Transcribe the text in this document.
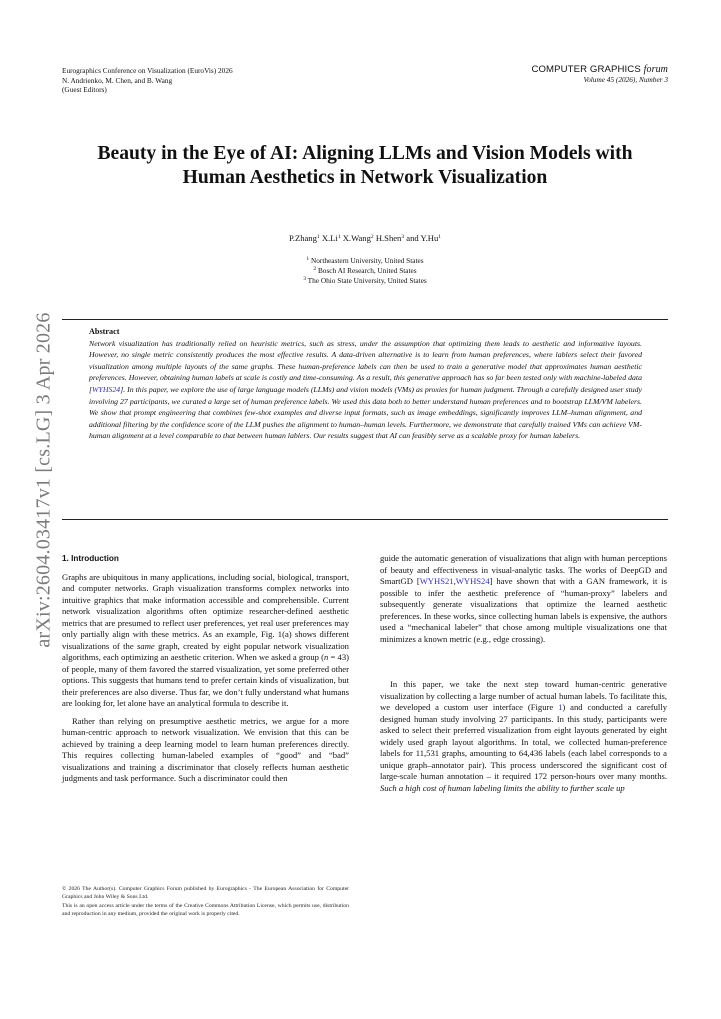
Eurographics Conference on Visualization (EuroVis) 2026
N. Andrienko, M. Chen, and B. Wang
(Guest Editors)
COMPUTER GRAPHICS forum
Volume 45 (2026), Number 3
Beauty in the Eye of AI: Aligning LLMs and Vision Models with
Human Aesthetics in Network Visualization
P.Zhang$^1$ X.Li$^1$ X.Wang$^2$ H.Shen$^3$ and Y.Hu$^1$
$^1$ Northeastern University, United States
$^2$ Bosch AI Research, United States
$^3$ The Ohio State University, United States
arXiv:2604.03417v1 [cs.LG] 3 Apr 2026	Abstract
Network visualization has traditionally relied on heuristic metrics, such as stress, under the assumption that optimizing them leads to aesthetic and informative layouts. However, no single metric consistently produces the most effective results. A data-driven alternative is to learn from human preferences, where lablers select their favored visualization among multiple layouts of the same graphs. These human-preference labels can then be used to train a generative model that approximates human aesthetic preferences. However, obtaining human labels at scale is costly and time-consuming. As a result, this generative approach has so far been tested only with machine-labeled data [WYHS24]. In this paper, we explore the use of large language models (LLMs) and vision models (VMs) as proxies for human judgment. Through a carefully designed user study involving 27 participants, we curated a large set of human preference labels. We used this data both to better understand human preferences and to bootstrap LLM/VM labelers. We show that prompt engineering that combines few-shot examples and diverse input formats, such as image embeddings, significantly improves LLM–human alignment, and additional filtering by the confidence score of the LLM pushes the alignment to human–human levels. Furthermore, we demonstrate that carefully trained VMs can achieve VM-human alignment at a level comparable to that between human lablers. Our results suggest that AI can feasibly serve as a scalable proxy for human labelers.
1. Introduction

Graphs are ubiquitous in many applications, including social, biological, transport, and computer networks. Graph visualization transforms complex networks into intuitive graphics that make information accessible and comprehensible. Current network visualization algorithms often optimize researcher-defined aesthetic metrics that are presumed to reflect user preferences, yet real user preferences may only partially align with these metrics. As an example, Fig. 1(a) shows different visualizations of the same graph, created by eight popular network visualization algorithms, each optimizing an aesthetic criterion. When we asked a group (n = 43) of people, many of them favored the starred visualization, yet some preferred other options. This suggests that humans tend to prefer certain kinds of visualization, but their preferences are also diverse. Thus far, we don’t fully understand what humans are looking for, let alone have an analytical formula to describe it.

Rather than relying on presumptive aesthetic metrics, we argue for a more human-centric approach to network visualization. We envision that this can be achieved by training a deep learning model to learn human preferences directly. This requires collecting human-labeled examples of “good” and “bad” visualizations and training a discriminator that closely reflects human aesthetic judgments and task performance. Such a discriminator could then

© 2026 The Author(s). Computer Graphics Forum published by Eurographics - The European Association for Computer Graphics and John Wiley & Sons Ltd.

This is an open access article under the terms of the Creative Commons Attribution License, which permits use, distribution and reproduction in any medium, provided the original work is properly cited.

guide the automatic generation of visualizations that align with human perceptions of beauty and effectiveness in visual-analytic tasks. The works of DeepGD and SmartGD [WYHS21,WYHS24] have shown that with a GAN framework, it is possible to infer the aesthetic preference of “human-proxy” labelers and subsequently generate visualizations that optimize the learned aesthetic preferences. In these works, since collecting human labels is expensive, the authors used a “mechanical labeler” that chose among multiple visualizations one that minimizes a known metric (e.g., edge crossing).

In this paper, we take the next step toward human-centric generative visualization by collecting a large number of actual human labels. To facilitate this, we developed a custom user interface (Figure 1) and conducted a carefully designed human study involving 27 participants. In this study, participants were asked to select their preferred visualization from eight layouts generated by eight widely used graph layout algorithms. In total, we collected human-preference labels for 11,531 graphs, amounting to 64,436 labels (each label corresponds to a unique graph–annotator pair). This process underscored the significant cost of large-scale human annotation – it required 172 person-hours over many months. Such a high cost of human labeling limits the ability to further scale up
